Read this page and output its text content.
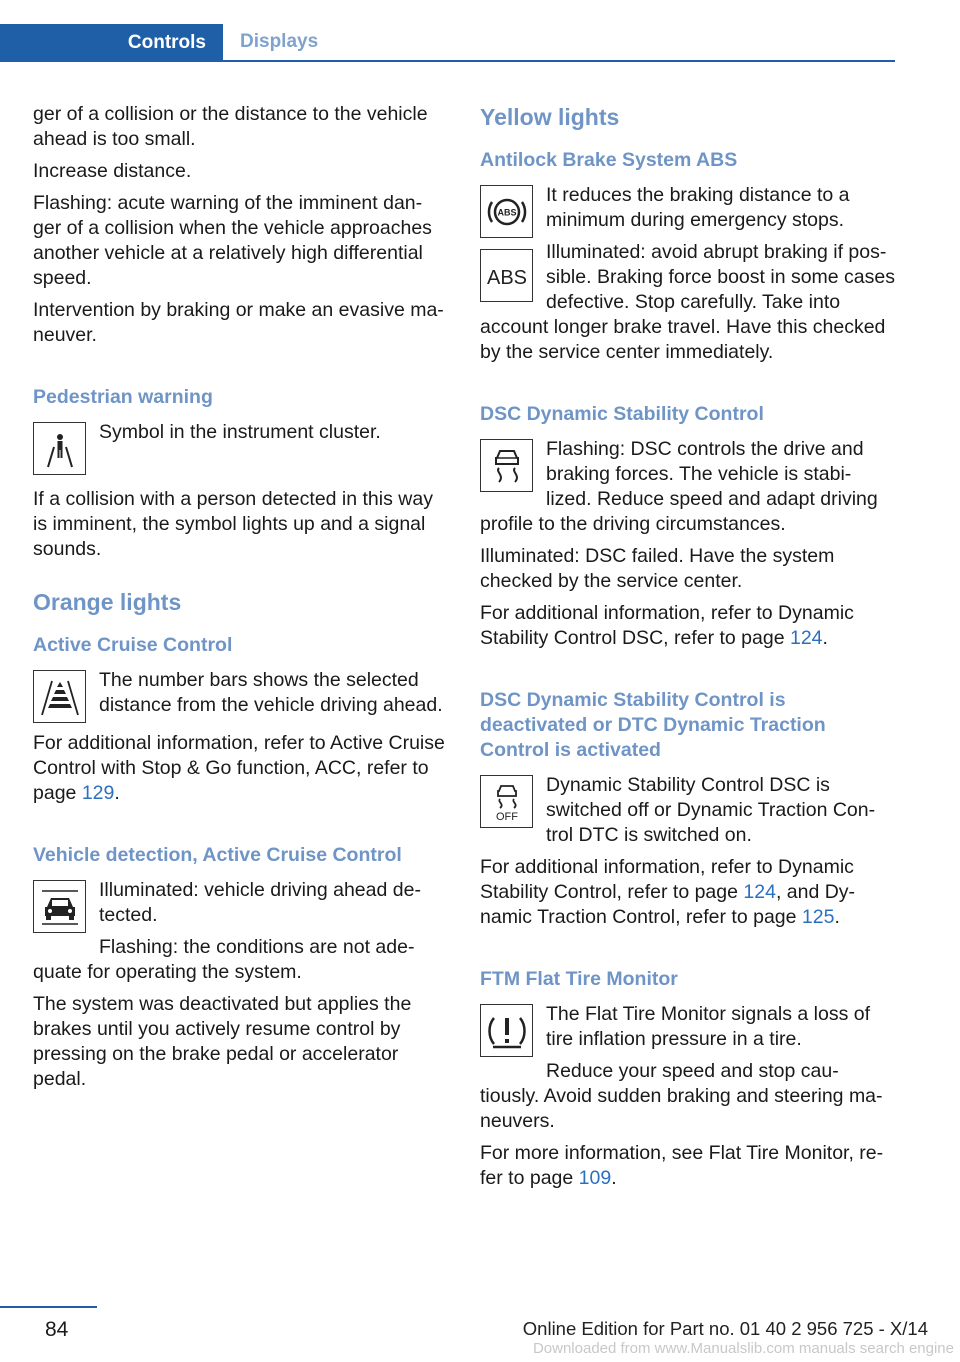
Controls	Displays

ger of a collision or the distance to the vehicle ahead is too small.

Increase distance.

Flashing: acute warning of the imminent dan-ger of a collision when the vehicle approaches another vehicle at a relatively high differential speed.

Intervention by braking or make an evasive ma-neuver.

Pedestrian warning

Symbol in the instrument cluster.

If a collision with a person detected in this way is imminent, the symbol lights up and a signal sounds.

Orange lights
Active Cruise Control

The number bars shows the selected distance from the vehicle driving ahead.

For additional information, refer to Active Cruise Control with Stop & Go function, ACC, refer to page 129.

Vehicle detection, Active Cruise Control

Illuminated: vehicle driving ahead de-tected.

Flashing: the conditions are not ade-quate for operating the system.

The system was deactivated but applies the brakes until you actively resume control by pressing on the brake pedal or accelerator pedal.

Yellow lights
Antilock Brake System ABS
ABS
ABS

It reduces the braking distance to a minimum during emergency stops.

Illuminated: avoid abrupt braking if pos-sible. Braking force boost in some cases defective. Stop carefully. Take into account longer brake travel. Have this checked by the service center immediately.

DSC Dynamic Stability Control

Flashing: DSC controls the drive and braking forces. The vehicle is stabi-lized. Reduce speed and adapt driving profile to the driving circumstances.

Illuminated: DSC failed. Have the system checked by the service center.

For additional information, refer to Dynamic Stability Control DSC, refer to page 124.

DSC Dynamic Stability Control is deactivated or DTC Dynamic Traction Control is activated
OFF

Dynamic Stability Control DSC is switched off or Dynamic Traction Con-trol DTC is switched on.

For additional information, refer to Dynamic Stability Control, refer to page 124, and Dy-namic Traction Control, refer to page 125.

FTM Flat Tire Monitor

The Flat Tire Monitor signals a loss of tire inflation pressure in a tire.

Reduce your speed and stop cau-tiously. Avoid sudden braking and steering ma-neuvers.

For more information, see Flat Tire Monitor, re-fer to page 109.

84	Online Edition for Part no. 01 40 2 956 725 - X/14
Downloaded from www.Manualslib.com manuals search engine
